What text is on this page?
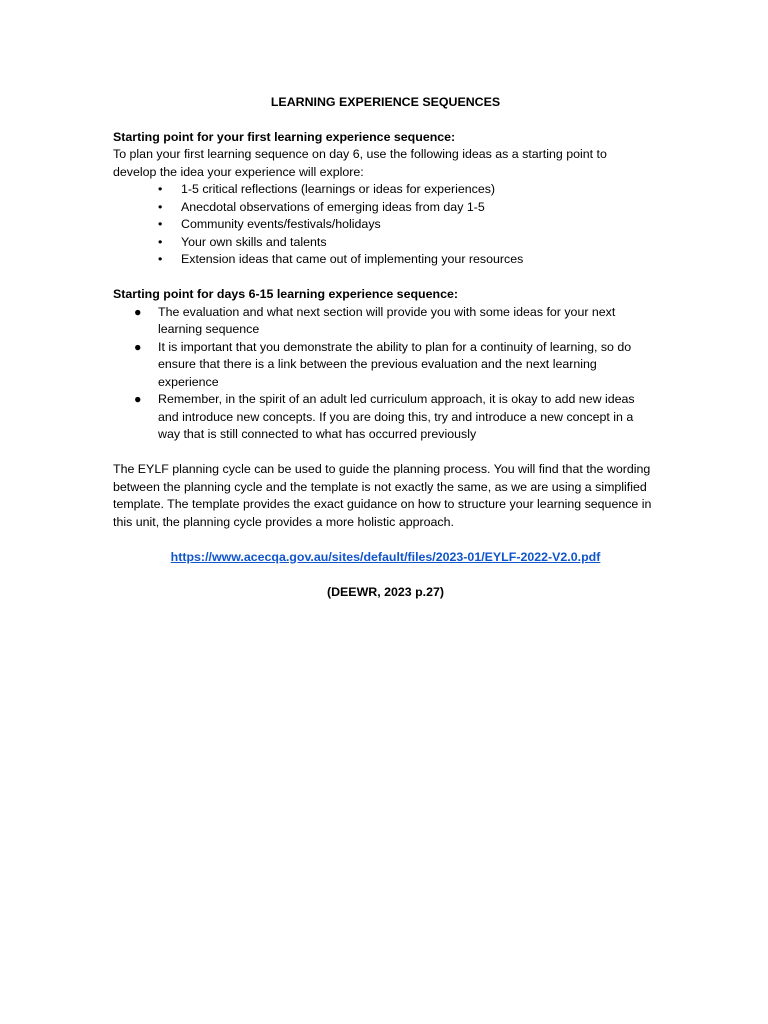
LEARNING EXPERIENCE SEQUENCES

Starting point for your first learning experience sequence:

To plan your first learning sequence on day 6, use the following ideas as a starting point to develop the idea your experience will explore:

• 1-5 critical reflections (learnings or ideas for experiences)
• Anecdotal observations of emerging ideas from day 1-5
• Community events/festivals/holidays
• Your own skills and talents
• Extension ideas that came out of implementing your resources

Starting point for days 6-15 learning experience sequence:

● The evaluation and what next section will provide you with some ideas for your next learning sequence
● It is important that you demonstrate the ability to plan for a continuity of learning, so do ensure that there is a link between the previous evaluation and the next learning experience
● Remember, in the spirit of an adult led curriculum approach, it is okay to add new ideas and introduce new concepts. If you are doing this, try and introduce a new concept in a way that is still connected to what has occurred previously

The EYLF planning cycle can be used to guide the planning process. You will find that the wording between the planning cycle and the template is not exactly the same, as we are using a simplified template. The template provides the exact guidance on how to structure your learning sequence in this unit, the planning cycle provides a more holistic approach.

https://www.acecqa.gov.au/sites/default/files/2023-01/EYLF-2022-V2.0.pdf

(DEEWR, 2023 p.27)
